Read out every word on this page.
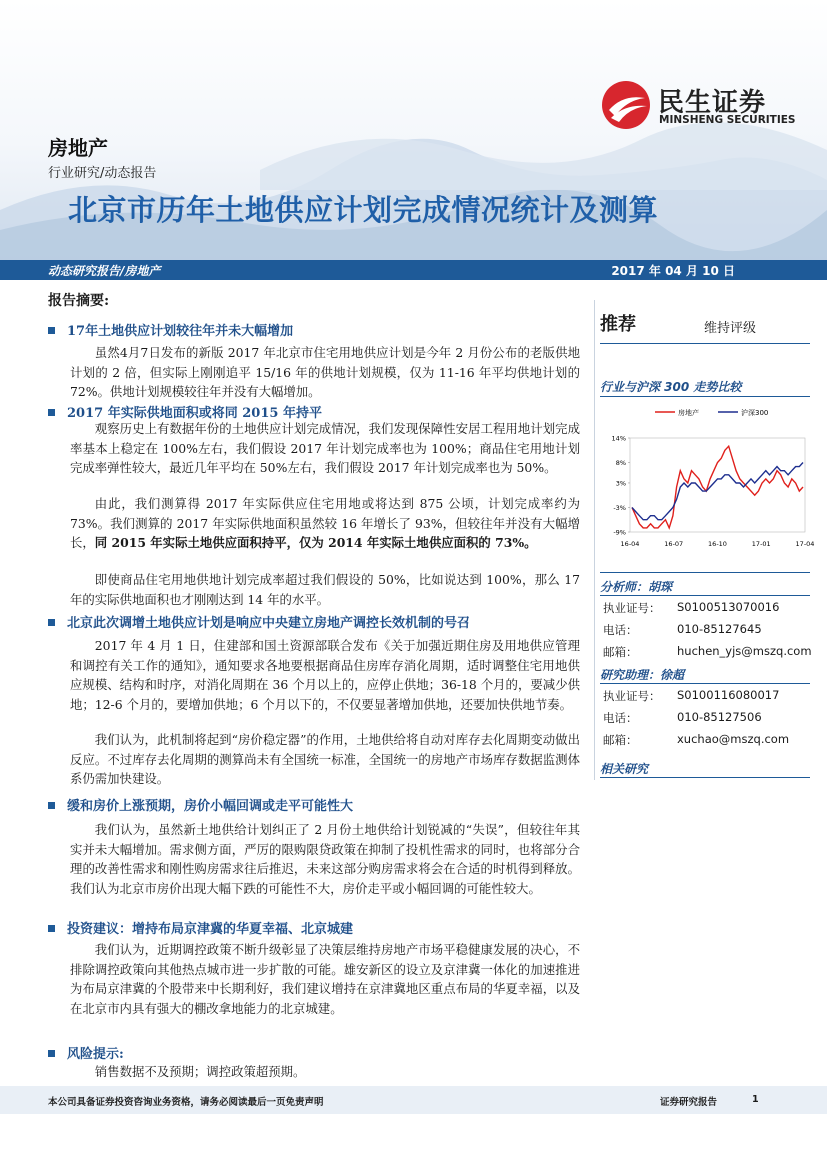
民生证券
MINSHENG SECURITIES
房地产
行业研究/动态报告
北京市历年土地供应计划完成情况统计及测算
动态研究报告/房地产	2017 年 04 月 10 日
报告摘要:
17年土地供应计划较往年并未大幅增加
虽然4月7日发布的新版 2017 年北京市住宅用地供应计划是今年 2 月份公布的老版供地计划的 2 倍，但实际上刚刚追平 15/16 年的供地计划规模，仅为 11-16 年平均供地计划的 72%。供地计划规模较往年并没有大幅增加。
2017 年实际供地面积或将同 2015 年持平
观察历史上有数据年份的土地供应计划完成情况，我们发现保障性安居工程用地计划完成率基本上稳定在 100%左右，我们假设 2017 年计划完成率也为 100%；商品住宅用地计划完成率弹性较大，最近几年平均在 50%左右，我们假设 2017 年计划完成率也为 50%。
由此，我们测算得 2017 年实际供应住宅用地或将达到 875 公顷，计划完成率约为 73%。我们测算的 2017 年实际供地面积虽然较 16 年增长了 93%，但较往年并没有大幅增长，同 2015 年实际土地供应面积持平，仅为 2014 年实际土地供应面积的 73%。
即使商品住宅用地供地计划完成率超过我们假设的 50%，比如说达到 100%，那么 17 年的实际供地面积也才刚刚达到 14 年的水平。
北京此次调增土地供应计划是响应中央建立房地产调控长效机制的号召
2017 年 4 月 1 日，住建部和国土资源部联合发布《关于加强近期住房及用地供应管理和调控有关工作的通知》，通知要求各地要根据商品住房库存消化周期，适时调整住宅用地供应规模、结构和时序，对消化周期在 36 个月以上的，应停止供地；36-18 个月的，要减少供地；12-6 个月的，要增加供地；6 个月以下的，不仅要显著增加供地，还要加快供地节奏。
我们认为，此机制将起到“房价稳定器”的作用，土地供给将自动对库存去化周期变动做出反应。不过库存去化周期的测算尚未有全国统一标准，全国统一的房地产市场库存数据监测体系仍需加快建设。
缓和房价上涨预期，房价小幅回调或走平可能性大
我们认为，虽然新土地供给计划纠正了 2 月份土地供给计划锐减的“失误”，但较往年其实并未大幅增加。需求侧方面，严厉的限购限贷政策在抑制了投机性需求的同时，也将部分合理的改善性需求和刚性购房需求往后推迟，未来这部分购房需求将会在合适的时机得到释放。我们认为北京市房价出现大幅下跌的可能性不大，房价走平或小幅回调的可能性较大。
投资建议：增持布局京津冀的华夏幸福、北京城建
我们认为，近期调控政策不断升级彰显了决策层维持房地产市场平稳健康发展的决心，不排除调控政策向其他热点城市进一步扩散的可能。雄安新区的设立及京津冀一体化的加速推进为布局京津冀的个股带来中长期利好，我们建议增持在京津冀地区重点布局的华夏幸福，以及在北京市内具有强大的棚改拿地能力的北京城建。
风险提示:
销售数据不及预期；调控政策超预期。
推荐	维持评级
行业与沪深 300 走势比较
房地产	沪深300
14%
8%
3%
-3%
-9%
16-04	16-07	16-10	17-01	17-04
分析师：胡琛
执业证号： S0100513070016
电话：	010-85127645
邮箱：	huchen_yjs@mszq.com
研究助理：徐超
执业证号： S0100116080017
电话：	010-85127506
邮箱：	xuchao@mszq.com
相关研究
本公司具备证券投资咨询业务资格，请务必阅读最后一页免责声明	证券研究报告	1
